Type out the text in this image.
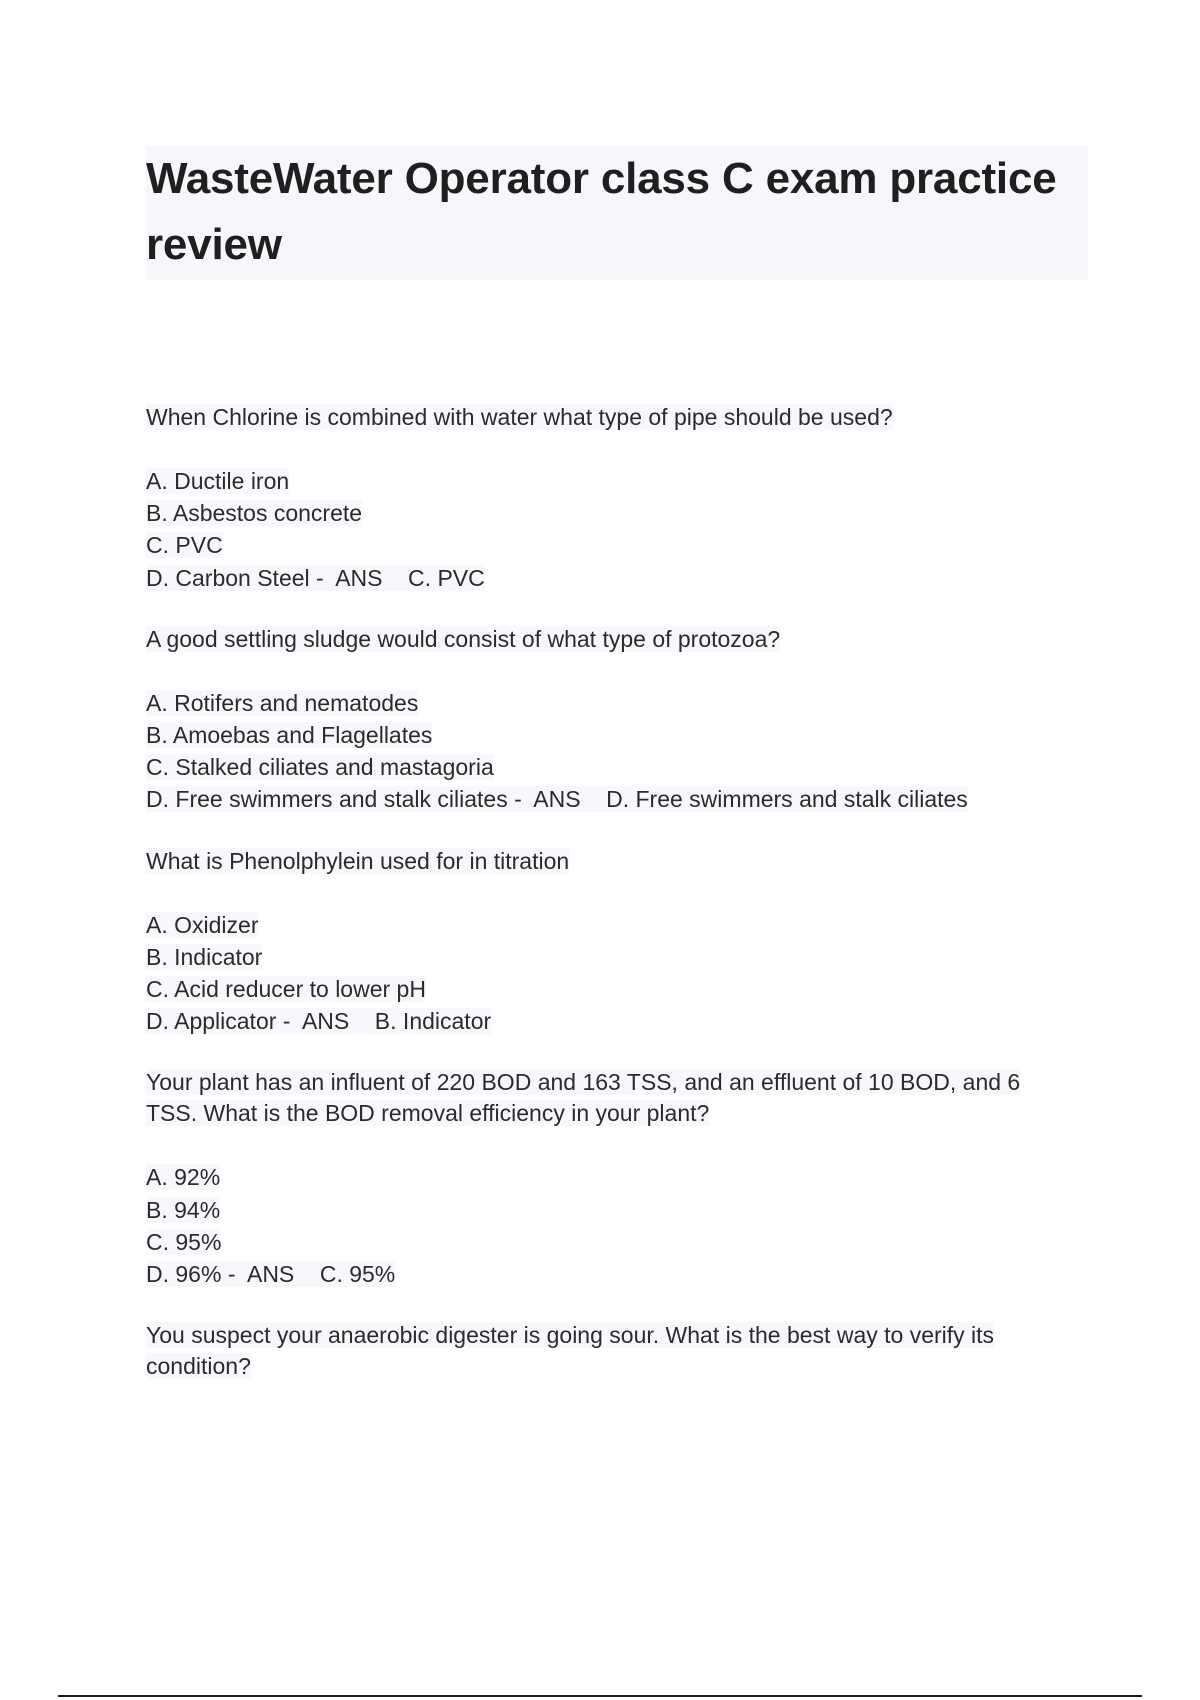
WasteWater Operator class C exam practice review
When Chlorine is combined with water what type of pipe should be used?
A. Ductile iron
B. Asbestos concrete
C. PVC
D. Carbon Steel -  ANS    C. PVC
A good settling sludge would consist of what type of protozoa?
A. Rotifers and nematodes
B. Amoebas and Flagellates
C. Stalked ciliates and mastagoria
D. Free swimmers and stalk ciliates -  ANS    D. Free swimmers and stalk ciliates
What is Phenolphylein used for in titration
A. Oxidizer
B. Indicator
C. Acid reducer to lower pH
D. Applicator -  ANS    B. Indicator
Your plant has an influent of 220 BOD and 163 TSS, and an effluent of 10 BOD, and 6 TSS. What is the BOD removal efficiency in your plant?
A. 92%
B. 94%
C. 95%
D. 96% -  ANS    C. 95%
You suspect your anaerobic digester is going sour. What is the best way to verify its condition?
